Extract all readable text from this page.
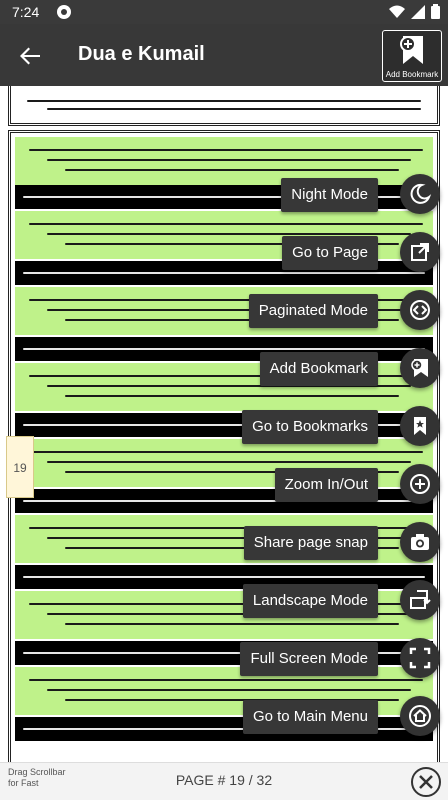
7:24
Dua e Kumail
Add Bookmark
19
Night Mode
Go to Page
Paginated Mode
Add Bookmark
Go to Bookmarks
Zoom In/Out
Share page snap
Landscape Mode
Full Screen Mode
Go to Main Menu
Drag Scrollbar
for Fast	PAGE # 19 / 32
